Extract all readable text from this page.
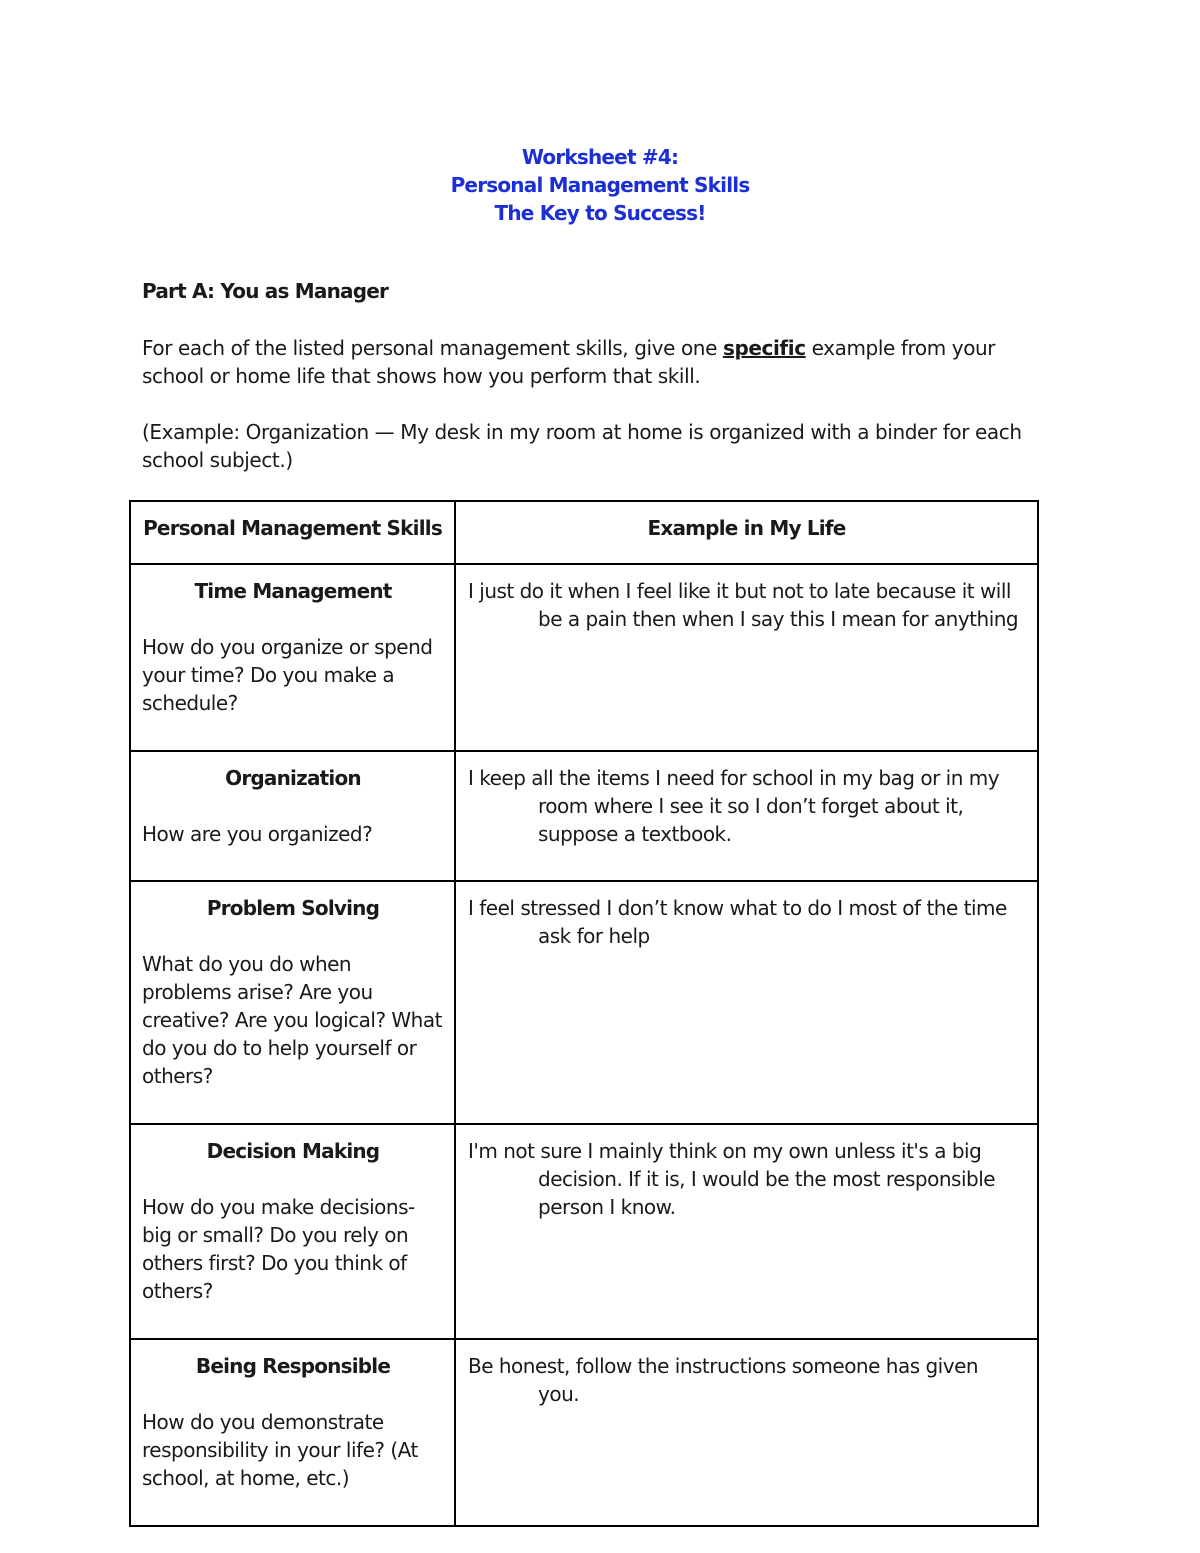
Worksheet #4:
Personal Management Skills
The Key to Success!
Part A: You as Manager
For each of the listed personal management skills, give one specific example from your school or home life that shows how you perform that skill.
(Example: Organization — My desk in my room at home is organized with a binder for each school subject.)
Personal Management Skills	Example in My Life

Time Management
How do you organize or spend your time? Do you make a schedule?	I just do it when I feel like it but not to late because it will be a pain then when I say this I mean for anything

Organization
How are you organized?	I keep all the items I need for school in my bag or in my room where I see it so I don’t forget about it, suppose a textbook.

Problem Solving
What do you do when problems arise? Are you creative? Are you logical? What do you do to help yourself or others?	I feel stressed I don’t know what to do I most of the time ask for help

Decision Making
How do you make decisions- big or small? Do you rely on others first? Do you think of others?	I'm not sure I mainly think on my own unless it's a big decision. If it is, I would be the most responsible person I know.

Being Responsible
How do you demonstrate responsibility in your life? (At school, at home, etc.)	Be honest, follow the instructions someone has given you.
